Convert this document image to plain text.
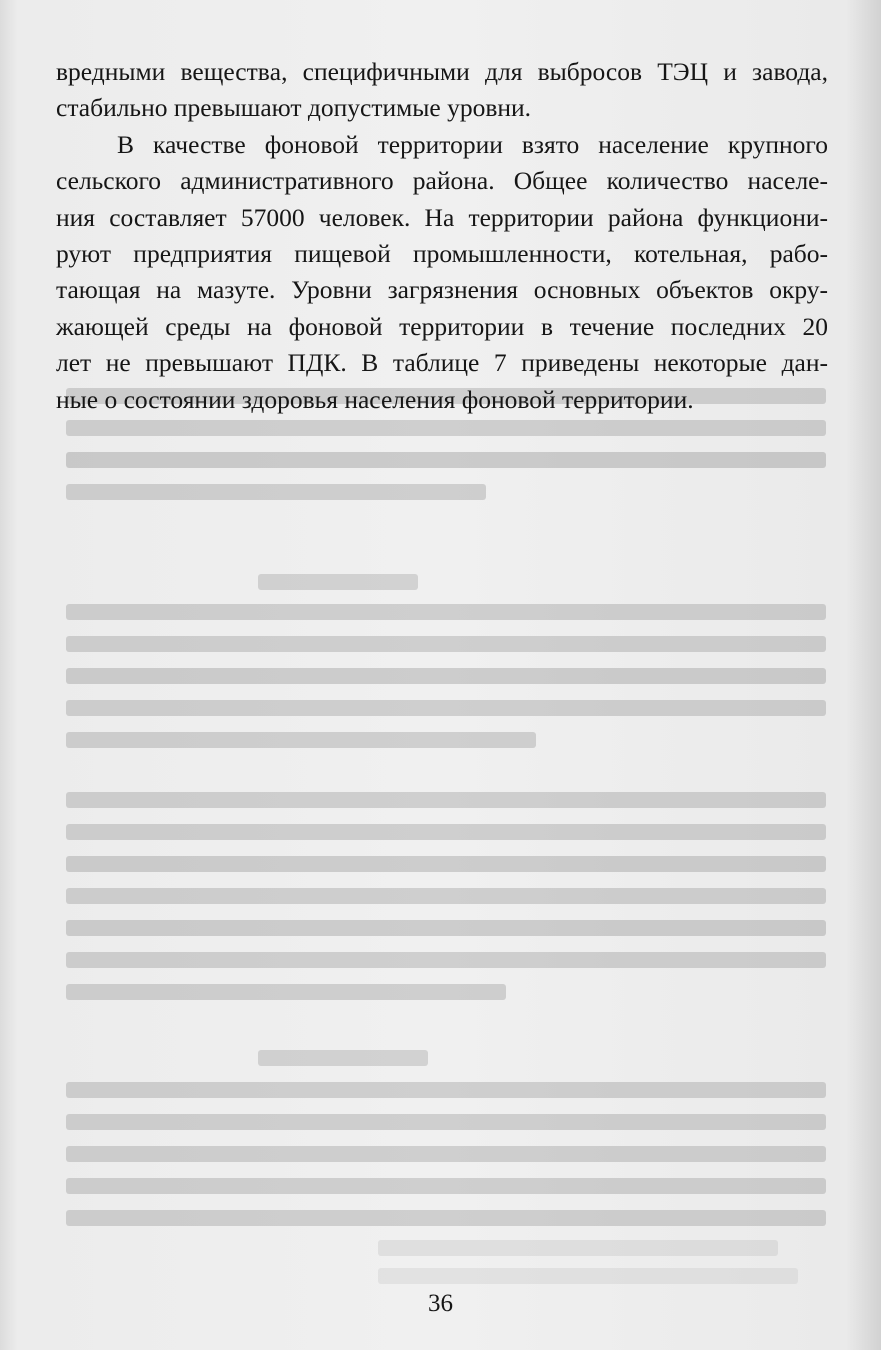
вредными веществa, специфичными для выбросов ТЭЦ и завода,
стабильно превышают допустимые уровни.

В качестве фоновой территории взято население крупного
сельского административного района. Общее количество населе-
ния составляет 57000 человек. На территории района функциони-
руют предприятия пищевой промышленности, котельная, рабо-
тающая на мазуте. Уровни загрязнения основных объектов окру-
жающей среды на фоновой территории в течение последних 20
лет не превышают ПДК. В таблице 7 приведены некоторые дан-
ные о состоянии здоровья населения фоновой территории.

36
